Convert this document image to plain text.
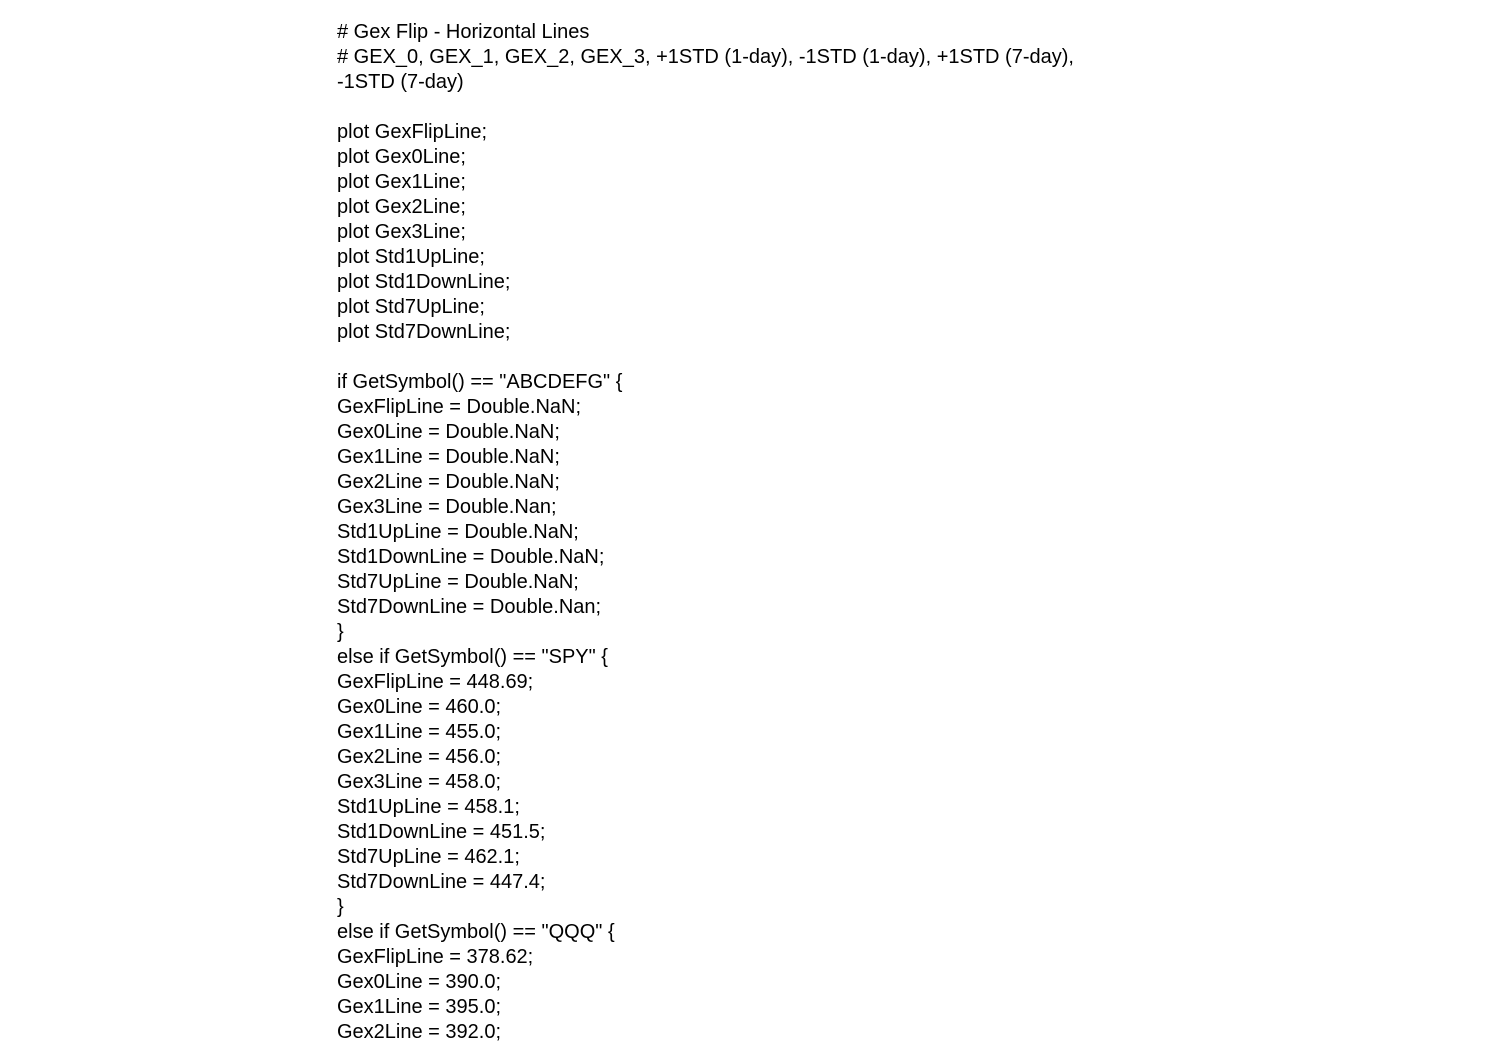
# Gex Flip - Horizontal Lines
# GEX_0, GEX_1, GEX_2, GEX_3, +1STD (1-day), -1STD (1-day), +1STD (7-day),
-1STD (7-day)
plot GexFlipLine;
plot Gex0Line;
plot Gex1Line;
plot Gex2Line;
plot Gex3Line;
plot Std1UpLine;
plot Std1DownLine;
plot Std7UpLine;
plot Std7DownLine;
if GetSymbol() == "ABCDEFG" {
GexFlipLine = Double.NaN;
Gex0Line = Double.NaN;
Gex1Line = Double.NaN;
Gex2Line = Double.NaN;
Gex3Line = Double.Nan;
Std1UpLine = Double.NaN;
Std1DownLine = Double.NaN;
Std7UpLine = Double.NaN;
Std7DownLine = Double.Nan;
}
else if GetSymbol() == "SPY" {
GexFlipLine = 448.69;
Gex0Line = 460.0;
Gex1Line = 455.0;
Gex2Line = 456.0;
Gex3Line = 458.0;
Std1UpLine = 458.1;
Std1DownLine = 451.5;
Std7UpLine = 462.1;
Std7DownLine = 447.4;
}
else if GetSymbol() == "QQQ" {
GexFlipLine = 378.62;
Gex0Line = 390.0;
Gex1Line = 395.0;
Gex2Line = 392.0;
